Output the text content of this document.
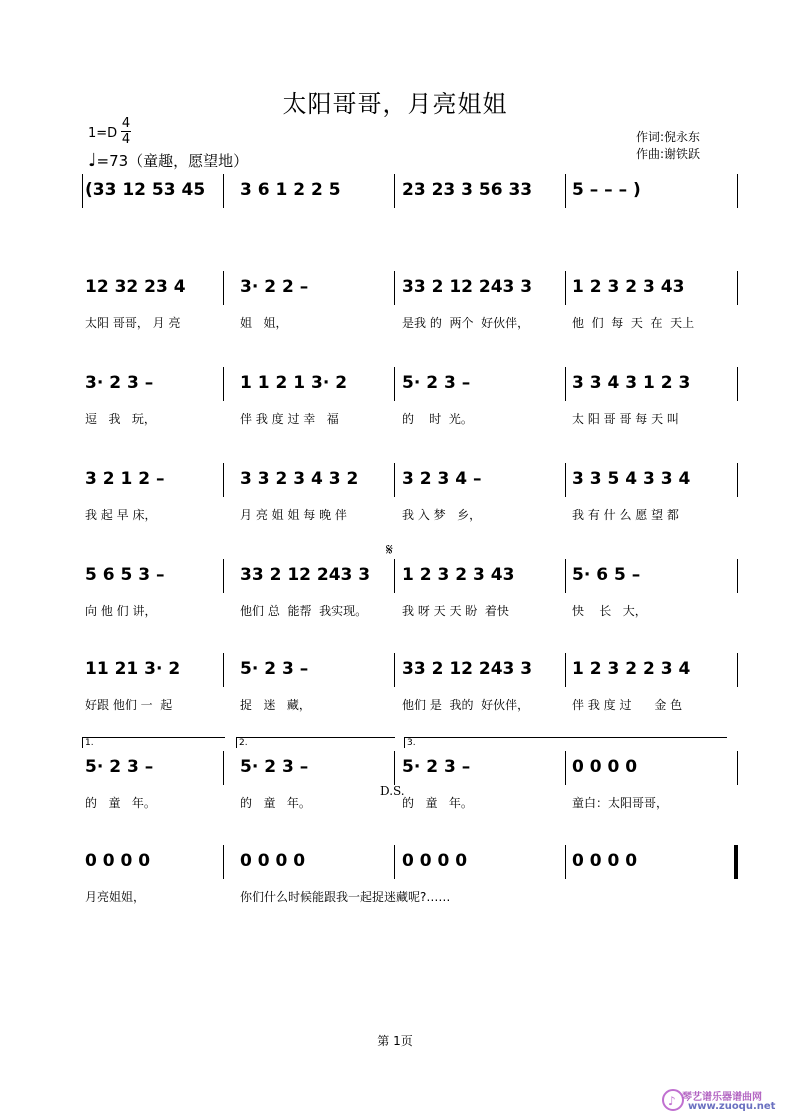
太阳哥哥，月亮姐姐
1=D
4
4
♩=73（童趣，愿望地）
作词:倪永东
作曲:谢铁跃
(33 12 53 45	3 6 1 2 2 5	23 23 3 56 33	5 – – – )
12 32 23 4	3· 2 2 –	33 2 12 243 3	1 2 3 2 3 43
太阳 哥哥， 月 亮	姐   姐，	是我 的  两个  好伙伴，	他  们  每  天  在  天上
3· 2 3 –	1 1 2 1 3· 2	5· 2 3 –	3 3 4 3 1 2 3
逗   我   玩，	伴 我 度 过 幸   福	的    时  光。	太 阳 哥 哥 每 天 叫
3 2 1 2 –	3 3 2 3 4 3 2	3 2 3 4 –	3 3 5 4 3 3 4
我 起 早 床，	月 亮 姐 姐 每 晚 伴	我 入 梦   乡，	我 有 什 么 愿 望 都
5 6 5 3 –	33 2 12 243 3	1 2 3 2 3 43	5· 6 5 –
向 他 们 讲，	他们 总  能帮  我实现。	我 呀 天 天 盼  着快	快    长   大，
11 21 3· 2	5· 2 3 –	33 2 12 243 3	1 2 3 2 2 3 4
好跟 他们 一  起	捉   迷   藏，	他们 是  我的  好伙伴，	伴 我 度 过      金 色
5· 2 3 –	5· 2 3 –	5· 2 3 –	0 0 0 0
的   童   年。	的   童   年。	的   童   年。	童白：太阳哥哥，
0 0 0 0	0 0 0 0	0 0 0 0	0 0 0 0
月亮姐姐，	你们什么时候能跟我一起捉迷藏呢?……
1.	2.	3.
D.S.
𝄋
第 1页
♪ 琴艺谱乐器谱曲网
www.zuoqu.net
